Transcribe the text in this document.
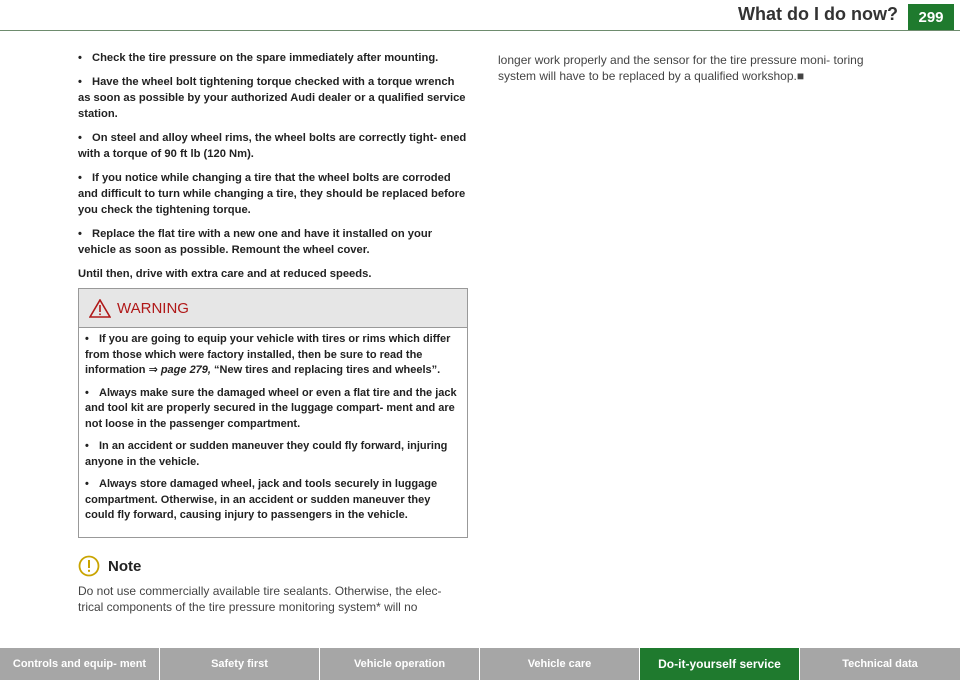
What do I do now?	299
• Check the tire pressure on the spare immediately after mounting.
• Have the wheel bolt tightening torque checked with a torque wrench as soon as possible by your authorized Audi dealer or a qualified service station.
• On steel and alloy wheel rims, the wheel bolts are correctly tight- ened with a torque of 90 ft lb (120 Nm).
• If you notice while changing a tire that the wheel bolts are corroded and difficult to turn while changing a tire, they should be replaced before you check the tightening torque.
• Replace the flat tire with a new one and have it installed on your vehicle as soon as possible. Remount the wheel cover.
Until then, drive with extra care and at reduced speeds.
WARNING
• If you are going to equip your vehicle with tires or rims which differ from those which were factory installed, then be sure to read the information ⇒ page 279, “New tires and replacing tires and wheels”.
• Always make sure the damaged wheel or even a flat tire and the jack and tool kit are properly secured in the luggage compart- ment and are not loose in the passenger compartment.
• In an accident or sudden maneuver they could fly forward, injuring anyone in the vehicle.
• Always store damaged wheel, jack and tools securely in luggage compartment. Otherwise, in an accident or sudden maneuver they could fly forward, causing injury to passengers in the vehicle.
Note
Do not use commercially available tire sealants. Otherwise, the elec- trical components of the tire pressure monitoring system* will no
longer work properly and the sensor for the tire pressure moni- toring system will have to be replaced by a qualified workshop.■
Controls and equip- ment	Safety first	Vehicle operation	Vehicle care	Do-it-yourself service	Technical data
